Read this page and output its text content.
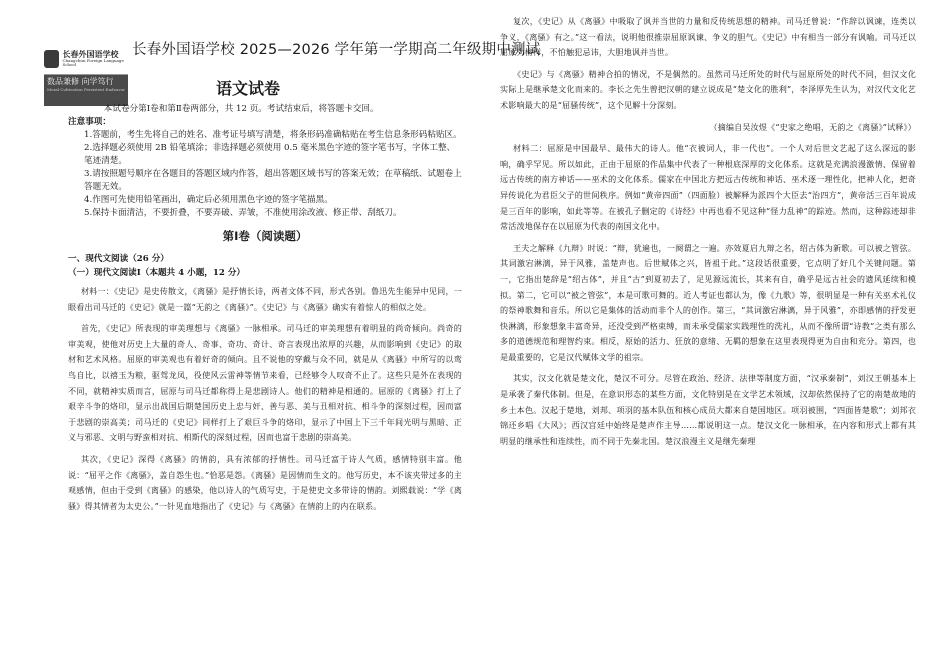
长春外国语学校
Changchun Foreign Language School
数品兼修 向学笃行
Moral Cultivation Persistent Endeavor
长春外国语学校 2025—2026 学年第一学期高二年级期中测试
语文试卷

本试卷分第Ⅰ卷和第Ⅱ卷两部分，共 12 页。考试结束后，将答题卡交回。

注意事项：
1.答题前，考生先将自己的姓名、准考证号填写清楚，将条形码准确粘贴在考生信息条形码粘贴区。
2.选择题必须使用 2B 铅笔填涂；非选择题必须使用 0.5 毫米黑色字迹的签字笔书写，字体工整、笔迹清楚。
3.请按照题号顺序在各题目的答题区域内作答，超出答题区域书写的答案无效；在草稿纸、试题卷上答题无效。
4.作图可先使用铅笔画出，确定后必须用黑色字迹的签字笔描黑。
5.保持卡面清洁，不要折叠，不要弄破、弄皱，不准使用涂改液、修正带、刮纸刀。
第Ⅰ卷（阅读题）
一、现代文阅读（26 分）
（一）现代文阅读Ⅰ（本题共 4 小题，12 分）

材料一：《史记》是史传散文，《离骚》是抒情长诗，两者文体不同，形式各别。鲁迅先生能异中见同，一眼看出司马迁的《史记》就是一篇“无韵之《离骚》”。《史记》与《离骚》确实有着惊人的相似之处。

首先，《史记》所表现的审美理想与《离骚》一脉相承。司马迁的审美理想有着明显的尚奇倾向。尚奇的审美观，使他对历史上大量的奇人、奇事、奇功、奇计、奇言表现出浓厚的兴趣，从而影响到《史记》的取材和艺术风格。屈原的审美观也有着好奇的倾向。且不说他的穿戴与众不同，就是从《离骚》中所写的以鸾鸟自比，以禧玉为粮，驱驾龙凤，役使风云雷神等情节来看，已经够令人叹奇不止了。这些只是外在表现的不同，就精神实质而言，屈原与司马迁都称得上是悲剧诗人。他们的精神是相通的。屈原的《离骚》打上了艰辛斗争的烙印，显示出战国后期楚国历史上忠与奸、善与恶、美与丑相对抗、相斗争的深刻过程，因而富于悲剧的崇高美；司马迁的《史记》同样打上了艰巨斗争的烙印，显示了中国上下三千年间光明与黑暗、正义与邪恶、文明与野蛮相对抗、相斯代的深刻过程，因而也富于悲剧的崇高美。

其次，《史记》深得《离骚》的情韵，具有浓郁的抒情性。司马迁富于诗人气质，感情特别丰富。他说：“屈平之作《离骚》，盖自怨生也。”恰恶是怨。《离骚》是因情而生文的。他写历史，本不该夹带过多的主观感情，但由于受到《离骚》的感染，他以诗人的气质写史，于是使史文多带诗的情韵。刘熙载说：“学《离骚》得其情者为太史公。”一针见血地指出了《史记》与《离骚》在情韵上的内在联系。

复次，《史记》从《离骚》中吸取了讽并当世的力量和反传统思想的精神。司马迁曾说：“作辞以讽谏，连类以争义，《离骚》有之。”这一看法，说明他很推崇屈原讽谏、争义的胆气。《史记》中有相当一部分有讽喻。司马迁以屈原为榜样，不怕触犯忌讳，大胆地讽并当世。

《史记》与《离骚》精神合拍的情况，不是偶然的。虽然司马迁所处的时代与屈原所处的时代不同，但汉文化实际上是继承楚文化而来的。李长之先生曾把汉朝的建立说成是“楚文化的胜利”，李泽厚先生认为，对汉代文化艺术影响最大的是“屈骚传统”，这个见解十分深刻。

（摘编自吴汝煜《“史家之绝唱，无韵之《离骚》”试释》）

材料二：屈原是中国最早、最伟大的诗人。他“衣被词人，非一代也”。一个人对后世文艺起了这么深远的影响，确乎罕见。所以如此，正由于屈原的作品集中代表了一种根底深厚的文化体系。这就是充满浪漫激情、保留着远古传统的南方神话——巫术的文化体系。儒家在中国北方把远古传统和神话、巫术逐一理性化，把神人化，把奇异传说化为君臣父子的世间秩序。例如“黄帝四面”（四面脸）被解释为派四个大臣去“治四方”，黄帝活三百年说成是三百年的影响，如此等等。在被孔子删定的《诗经》中再也看不见这种“怪力乱神”的踪迹。然而，这种踪迹却非常活泼地保存在以屈原为代表的南国文化中。

王夫之解释《九辩》时说：“辩，犹遍也，一阕谓之一遍。亦效夏启九辩之名，绍古体为新歌。可以被之管弦。其词激宕淋漓，异于风雅，盖楚声也。后世赋体之兴，皆祖于此。”这段话很重要，它点明了好几个关键问题。第一，它指出楚辞是“绍古体”，并且“古”到夏初去了，足见源远流长，其来有自，确乎是远古社会的遗风延续和模拟。第二，它可以“被之管弦”，本是可歌可舞的。近人考证也都认为，像《九歌》等，很明显是一种有关巫术礼仪的祭神歌舞和音乐。所以它是集体的活动而非个人的创作。第三，“其词激宕淋漓，异于风雅”，亦即感情的抒发更快淋漓，形象想象丰富奇异，还没受到严格束缚，而未承受儒家实践理性的洗礼，从而不像所谓“诗教”之类有那么多的道德规范和理智约束。相反，原始的活力、狂放的意绪、无羁的想象在这里表现得更为自由和充分。第四，也是最重要的，它是汉代赋体文学的祖宗。

其实，汉文化就是楚文化，楚汉不可分。尽管在政治、经济、法律等制度方面，“汉承秦制”，刘汉王朝基本上是承袭了秦代体制。但是，在意识形态的某些方面，文化特别是在文学艺术领域，汉却依然保持了它的南楚故地的乡土本色。汉起于楚地，刘邦、项羽的基本队伍和核心成员大都来自楚国地区。项羽被围，“四面皆楚歌”；刘邦衣锦还乡唱《大风》；西汉宫廷中始终是楚声作主导……都说明这一点。楚汉文化一脉相承，在内容和形式上都有其明显的继承性和连续性，而不同于先秦北国。楚汉浪漫主义是继先秦理
